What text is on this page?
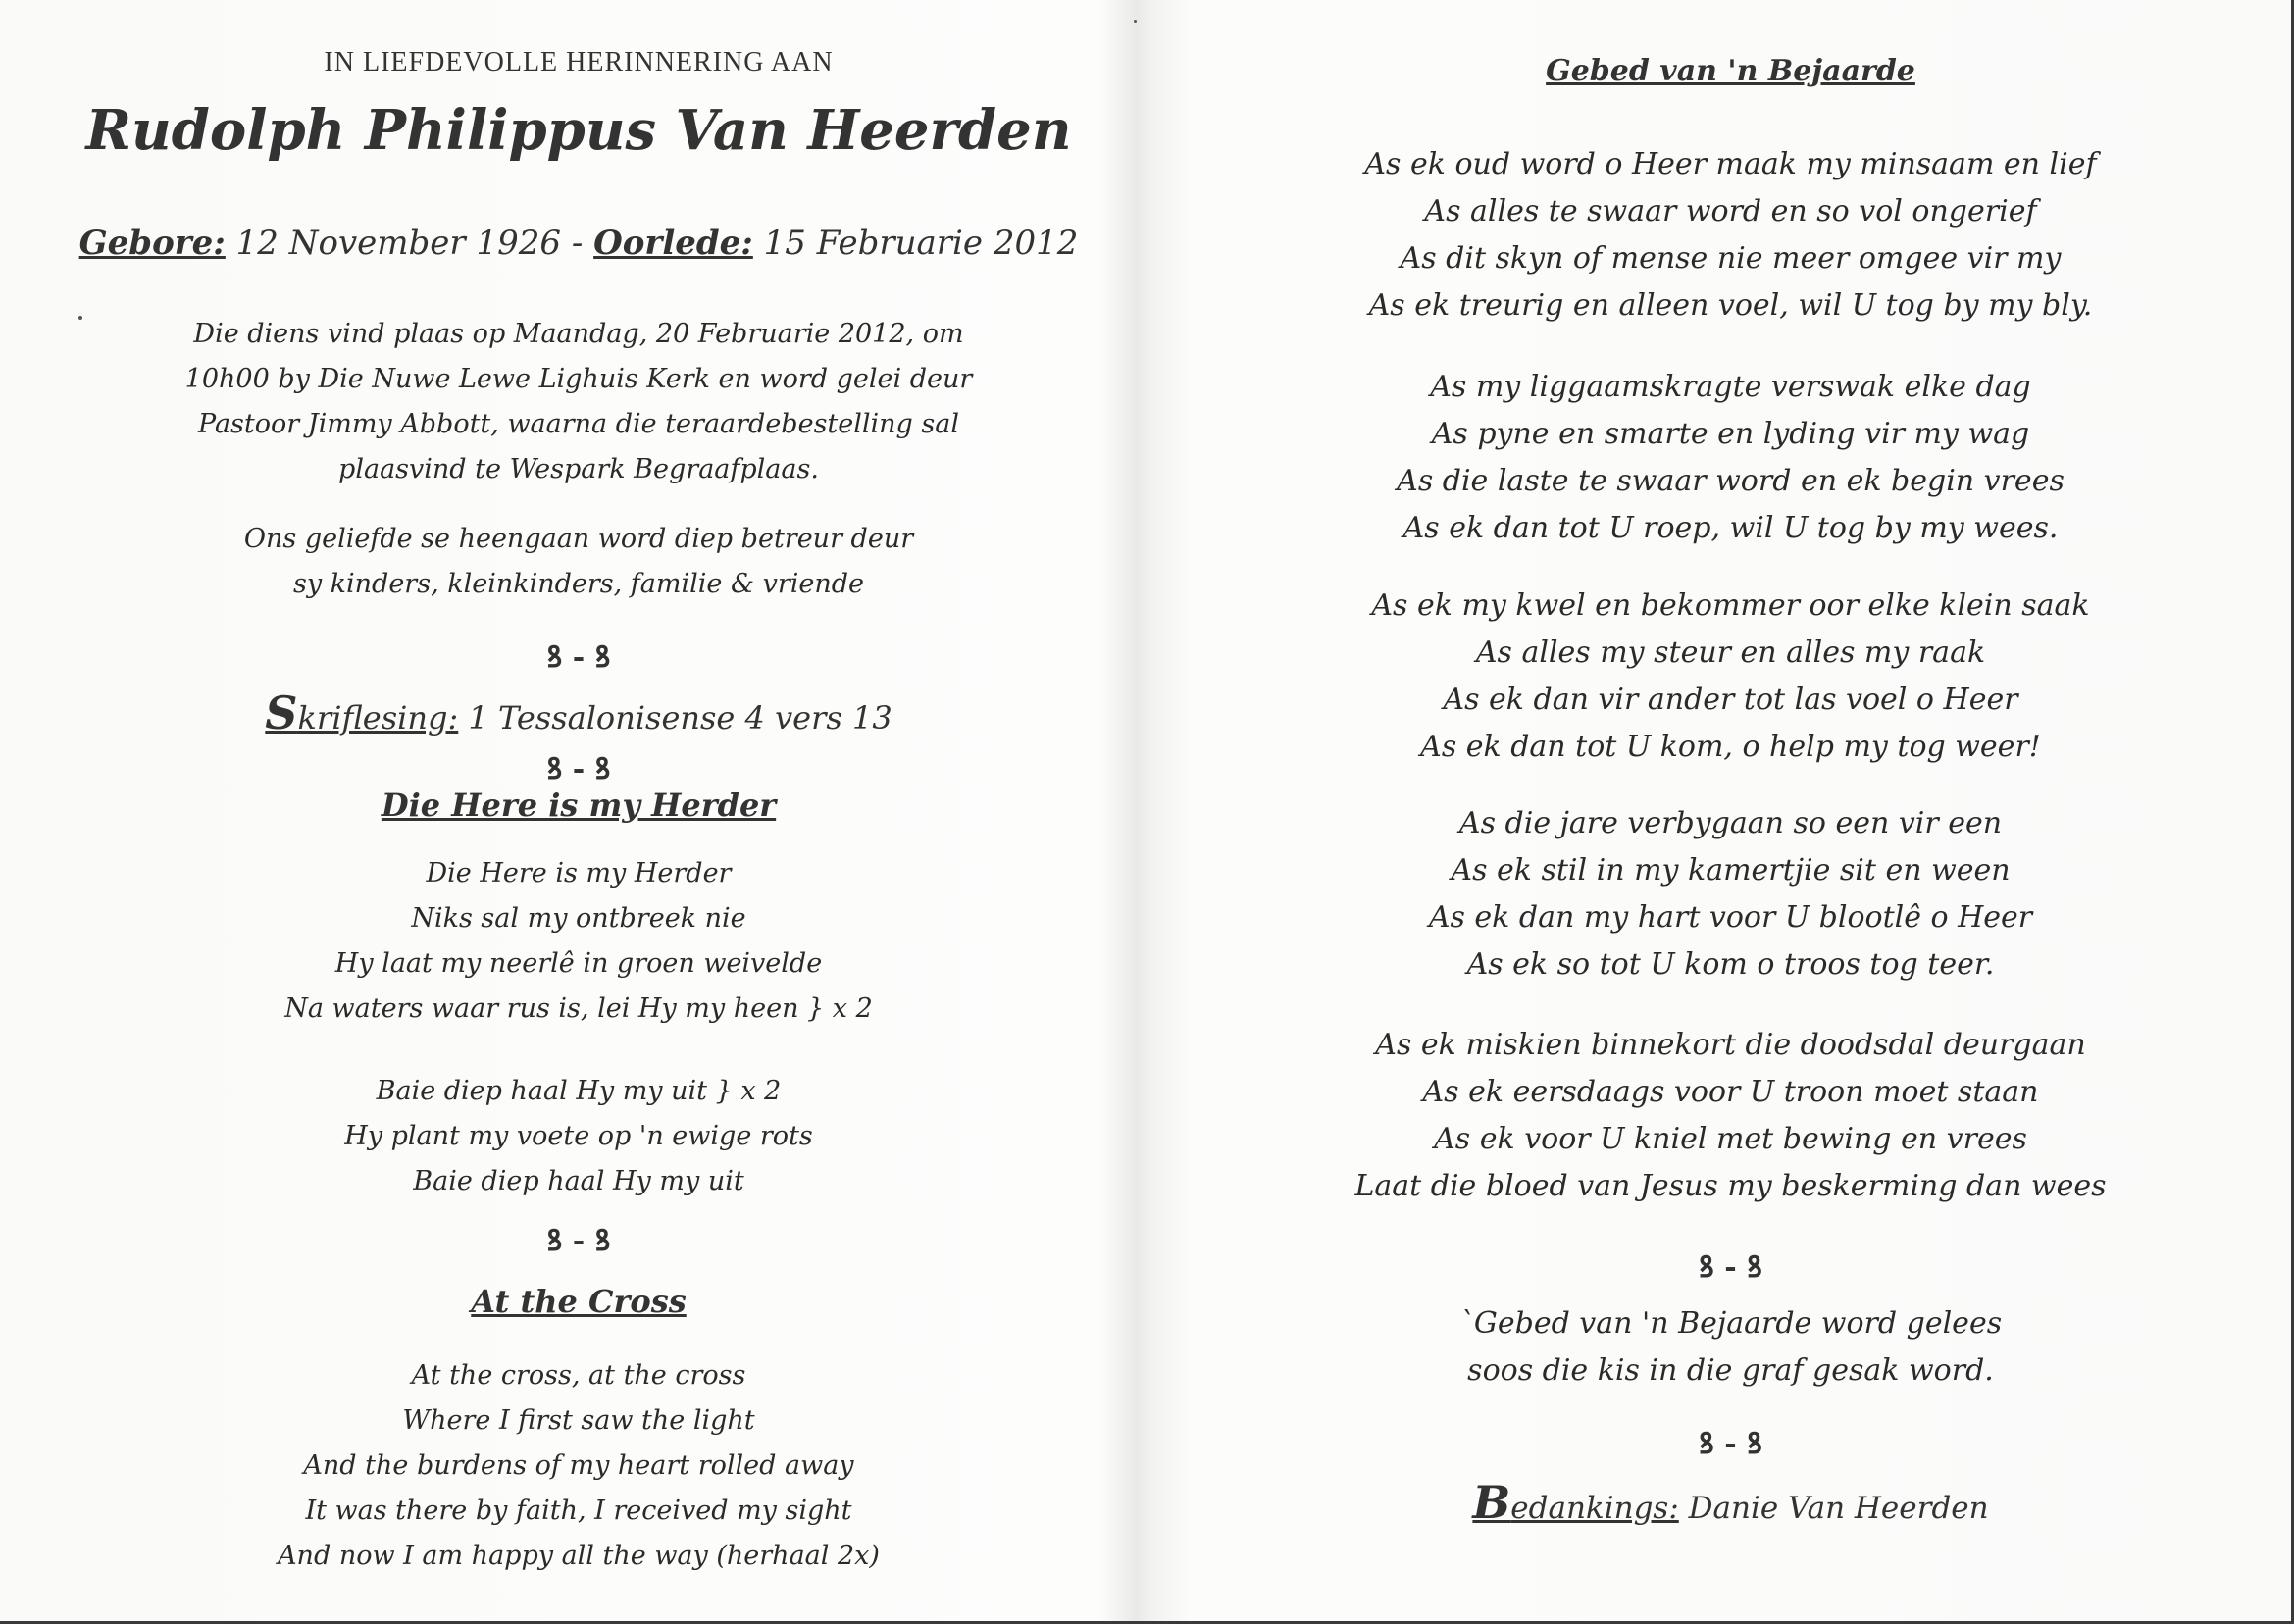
IN LIEFDEVOLLE HERINNERING AAN
Rudolph Philippus Van Heerden
Gebore: 12 November 1926 - Oorlede: 15 Februarie 2012
Die diens vind plaas op Maandag, 20 Februarie 2012, om
10h00 by Die Nuwe Lewe Lighuis Kerk en word gelei deur
Pastoor Jimmy Abbott, waarna die teraardebestelling sal
plaasvind te Wespark Begraafplaas.
Ons geliefde se heengaan word diep betreur deur
sy kinders, kleinkinders, familie & vriende
ꝸ - ꝸ
Skriflesing: 1 Tessalonisense 4 vers 13
ꝸ - ꝸ
Die Here is my Herder
Die Here is my Herder
Niks sal my ontbreek nie
Hy laat my neerlê in groen weivelde
Na waters waar rus is, lei Hy my heen } x 2
Baie diep haal Hy my uit } x 2
Hy plant my voete op 'n ewige rots
Baie diep haal Hy my uit
ꝸ - ꝸ
At the Cross
At the cross, at the cross
Where I first saw the light
And the burdens of my heart rolled away
It was there by faith, I received my sight
And now I am happy all the way (herhaal 2x)
Gebed van 'n Bejaarde
As ek oud word o Heer maak my minsaam en lief
As alles te swaar word en so vol ongerief
As dit skyn of mense nie meer omgee vir my
As ek treurig en alleen voel, wil U tog by my bly.
As my liggaamskragte verswak elke dag
As pyne en smarte en lyding vir my wag
As die laste te swaar word en ek begin vrees
As ek dan tot U roep, wil U tog by my wees.
As ek my kwel en bekommer oor elke klein saak
As alles my steur en alles my raak
As ek dan vir ander tot las voel o Heer
As ek dan tot U kom, o help my tog weer!
As die jare verbygaan so een vir een
As ek stil in my kamertjie sit en ween
As ek dan my hart voor U blootlê o Heer
As ek so tot U kom o troos tog teer.
As ek miskien binnekort die doodsdal deurgaan
As ek eersdaags voor U troon moet staan
As ek voor U kniel met bewing en vrees
Laat die bloed van Jesus my beskerming dan wees
ꝸ - ꝸ
`Gebed van 'n Bejaarde word gelees
soos die kis in die graf gesak word.
ꝸ - ꝸ
Bedankings: Danie Van Heerden
